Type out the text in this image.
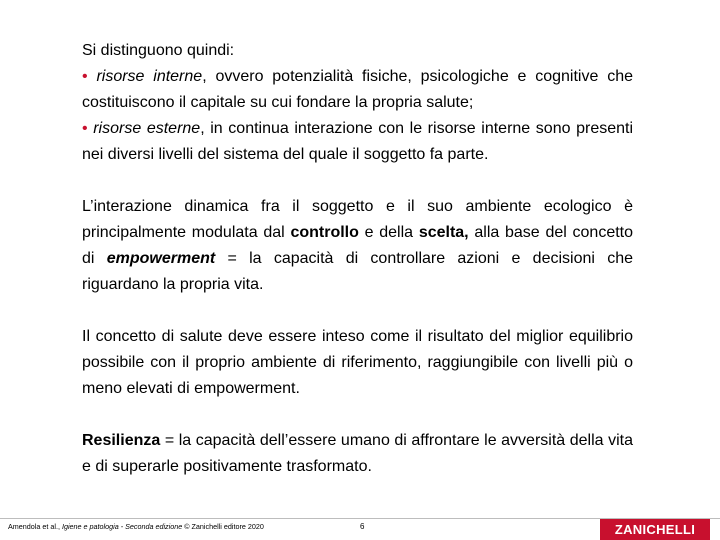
Si distinguono quindi:
• risorse interne, ovvero potenzialità fisiche, psicologiche e cognitive che costituiscono il capitale su cui fondare la propria salute;
• risorse esterne, in continua interazione con le risorse interne sono presenti nei diversi livelli del sistema del quale il soggetto fa parte.

L’interazione dinamica fra il soggetto e il suo ambiente ecologico è principalmente modulata dal controllo e della scelta, alla base del concetto di empowerment = la capacità di controllare azioni e decisioni che riguardano la propria vita.

Il concetto di salute deve essere inteso come il risultato del miglior equilibrio possibile con il proprio ambiente di riferimento, raggiungibile con livelli più o meno elevati di empowerment.

Resilienza = la capacità dell’essere umano di affrontare le avversità della vita e di superarle positivamente trasformato.

Amendola et al., Igiene e patologia - Seconda edizione © Zanichelli editore 2020	6	ZANICHELLI
